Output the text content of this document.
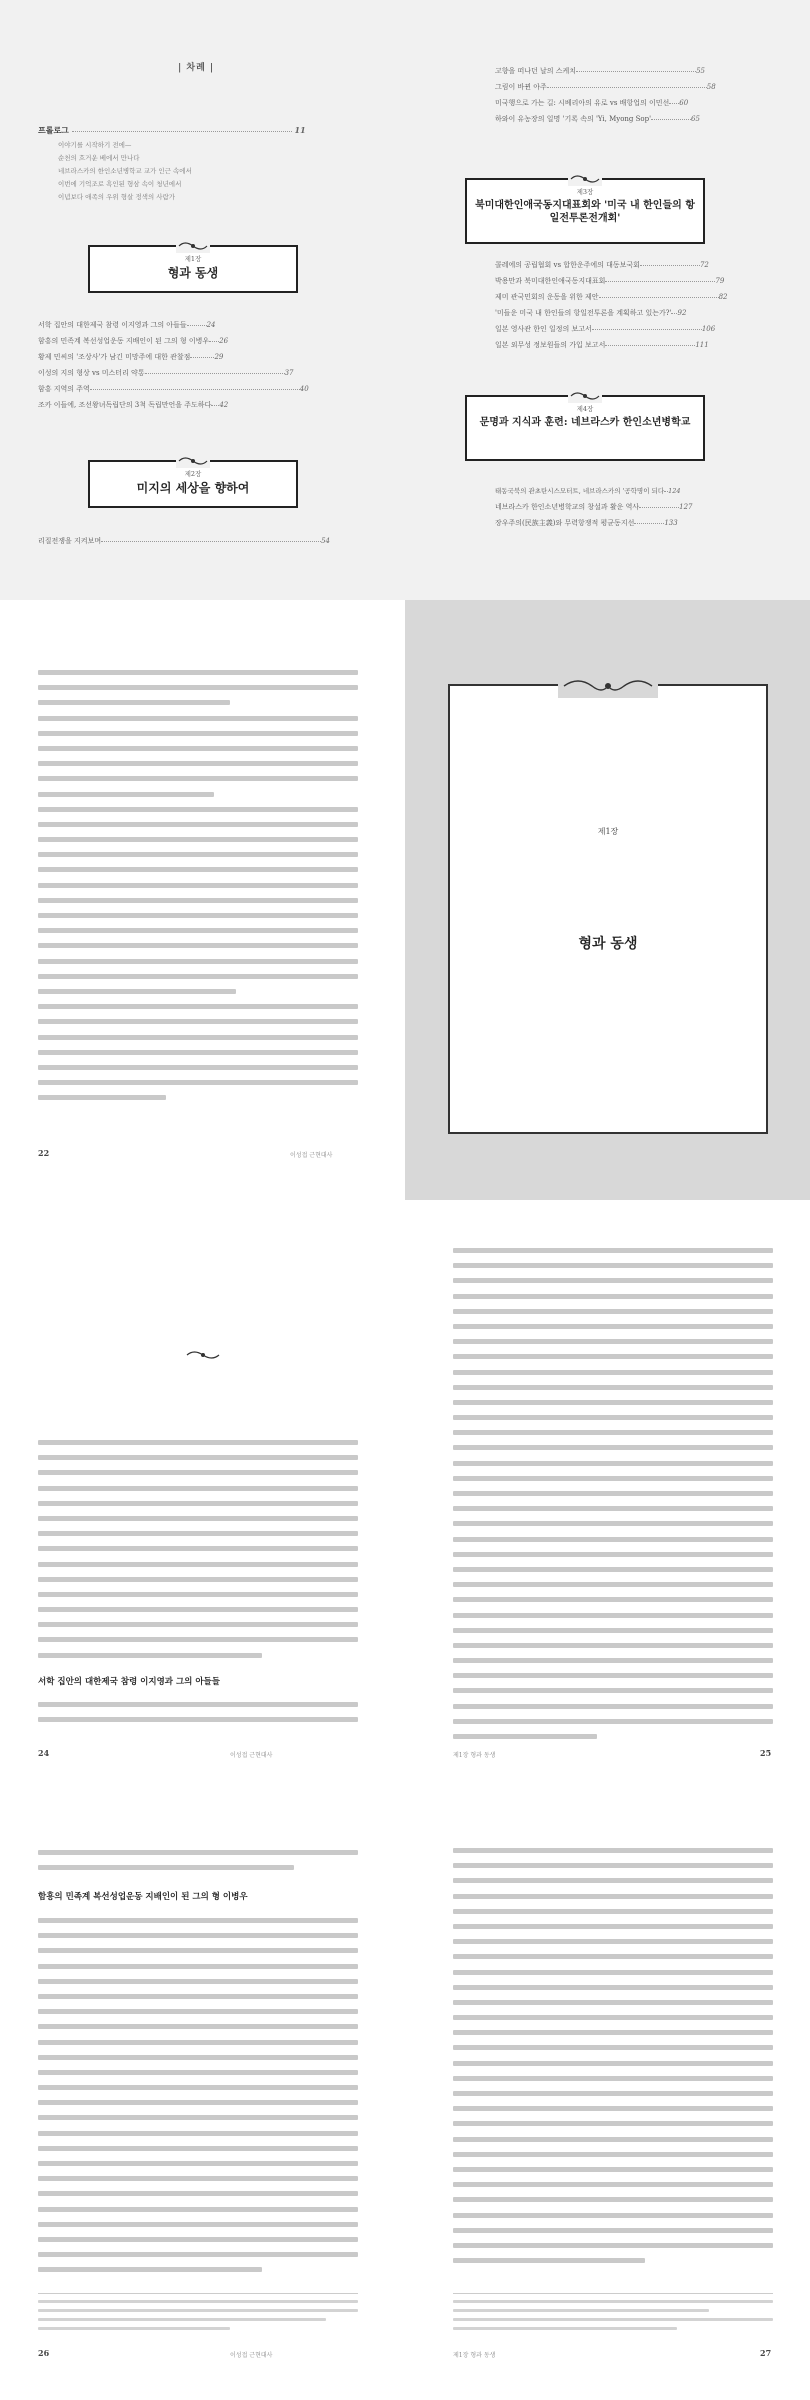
| 차례 |
프롤로그	11
이야기를 시작하기 전에—
순천의 흐거운 베에서 만나다
네브라스카의 한인소년병학교 교가 인근 속에서
이번에 기억조로 흑인된 형삼 속이 청년에서
이념보다 애족의 우위 형살 정색의 사람가
제1장
형과 동생
서학 집안의 대한제국 참령 이지영과 그의 아들들	24
함흥의 민족계 복선성업운동 지배인이 된 그의 형 이병우 26
황제 민씨의 '조상사'가 남긴 미망주에 대한 관찰점	29
이성의 지의 형상 vs 미스터리 약통	37
함흥 지역의 주역	40
조카 이들에, 조선왕녀독립단의 3척 독립만언을 주도하다 42
제2장
미지의 세상을 향하여
리질전쟁을 지켜보며	54
고향을 떠나던 날의 스케치	55
그림이 바뀐 아주	58
미국행으로 가는 길: 시베리아의 유로 vs 배항업의 이민선 60
하와이 유농장의 일명 '기록 속의 'Yi, Myong Sop'	65
제3장
북미대한인애국동지대표회와 '미국 내 한인들의 항일전투론전개회'
콜레에의 공립협회 vs 합한운주에의 대동보국회	72
박용만과 북미대한인애국동지대표회	79
제미 관국민회의 운동을 위한 제안	82
'미들운 미국 내 한인들의 항일전투론을 계획하고 있는가?' 92
일본 영사관 한인 일정의 보고서	106
일본 외무성 정보원들의 가입 보고서	111
제4장
문명과 지식과 훈련: 네브라스카 한인소년병학교
태동국북의 관초탄시스모터트, 네브라스카의 '공학명이 되다 124
네브라스카 한인소년병학교의 창설과 활운 역사	127
장우주의(民族主義)와 무력항쟁적 평균동지선	133
22	이성접 근현대사
제1장
형과 동생
서학 집안의 대한제국 참령 이지영과 그의 아들들
24	이성접 근현대사	제1장 형과 동생	25
함흥의 민족계 복선성업운동 지배인이 된 그의 형 이병우
26	이성접 근현대사	제1장 형과 동생	27
